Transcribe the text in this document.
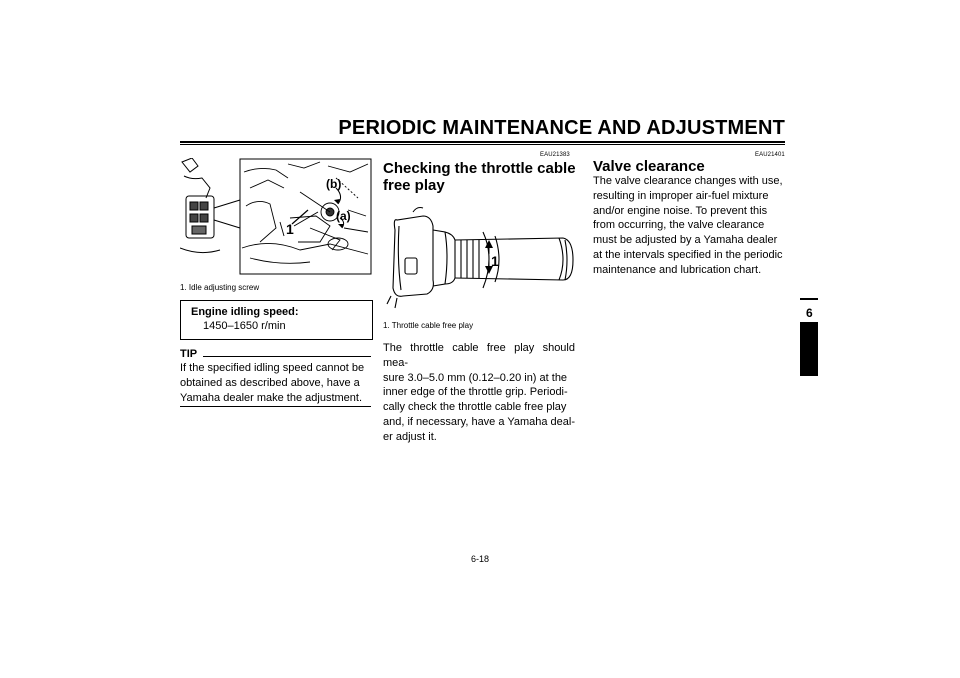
PERIODIC MAINTENANCE AND ADJUSTMENT
1
(b)
(a)
1. Idle adjusting screw
Engine idling speed:
1450–1650 r/min
TIP
If the specified idling speed cannot be
obtained as described above, have a
Yamaha dealer make the adjustment.
EAU21383
Checking the throttle cable
free play
1
1. Throttle cable free play
The throttle cable free play should mea-
sure 3.0–5.0 mm (0.12–0.20 in) at the
inner edge of the throttle grip. Periodi-
cally check the throttle cable free play
and, if necessary, have a Yamaha deal-
er adjust it.
EAU21401
Valve clearance
The valve clearance changes with use,
resulting in improper air-fuel mixture
and/or engine noise. To prevent this
from occurring, the valve clearance
must be adjusted by a Yamaha dealer
at the intervals specified in the periodic
maintenance and lubrication chart.
6
6-18
